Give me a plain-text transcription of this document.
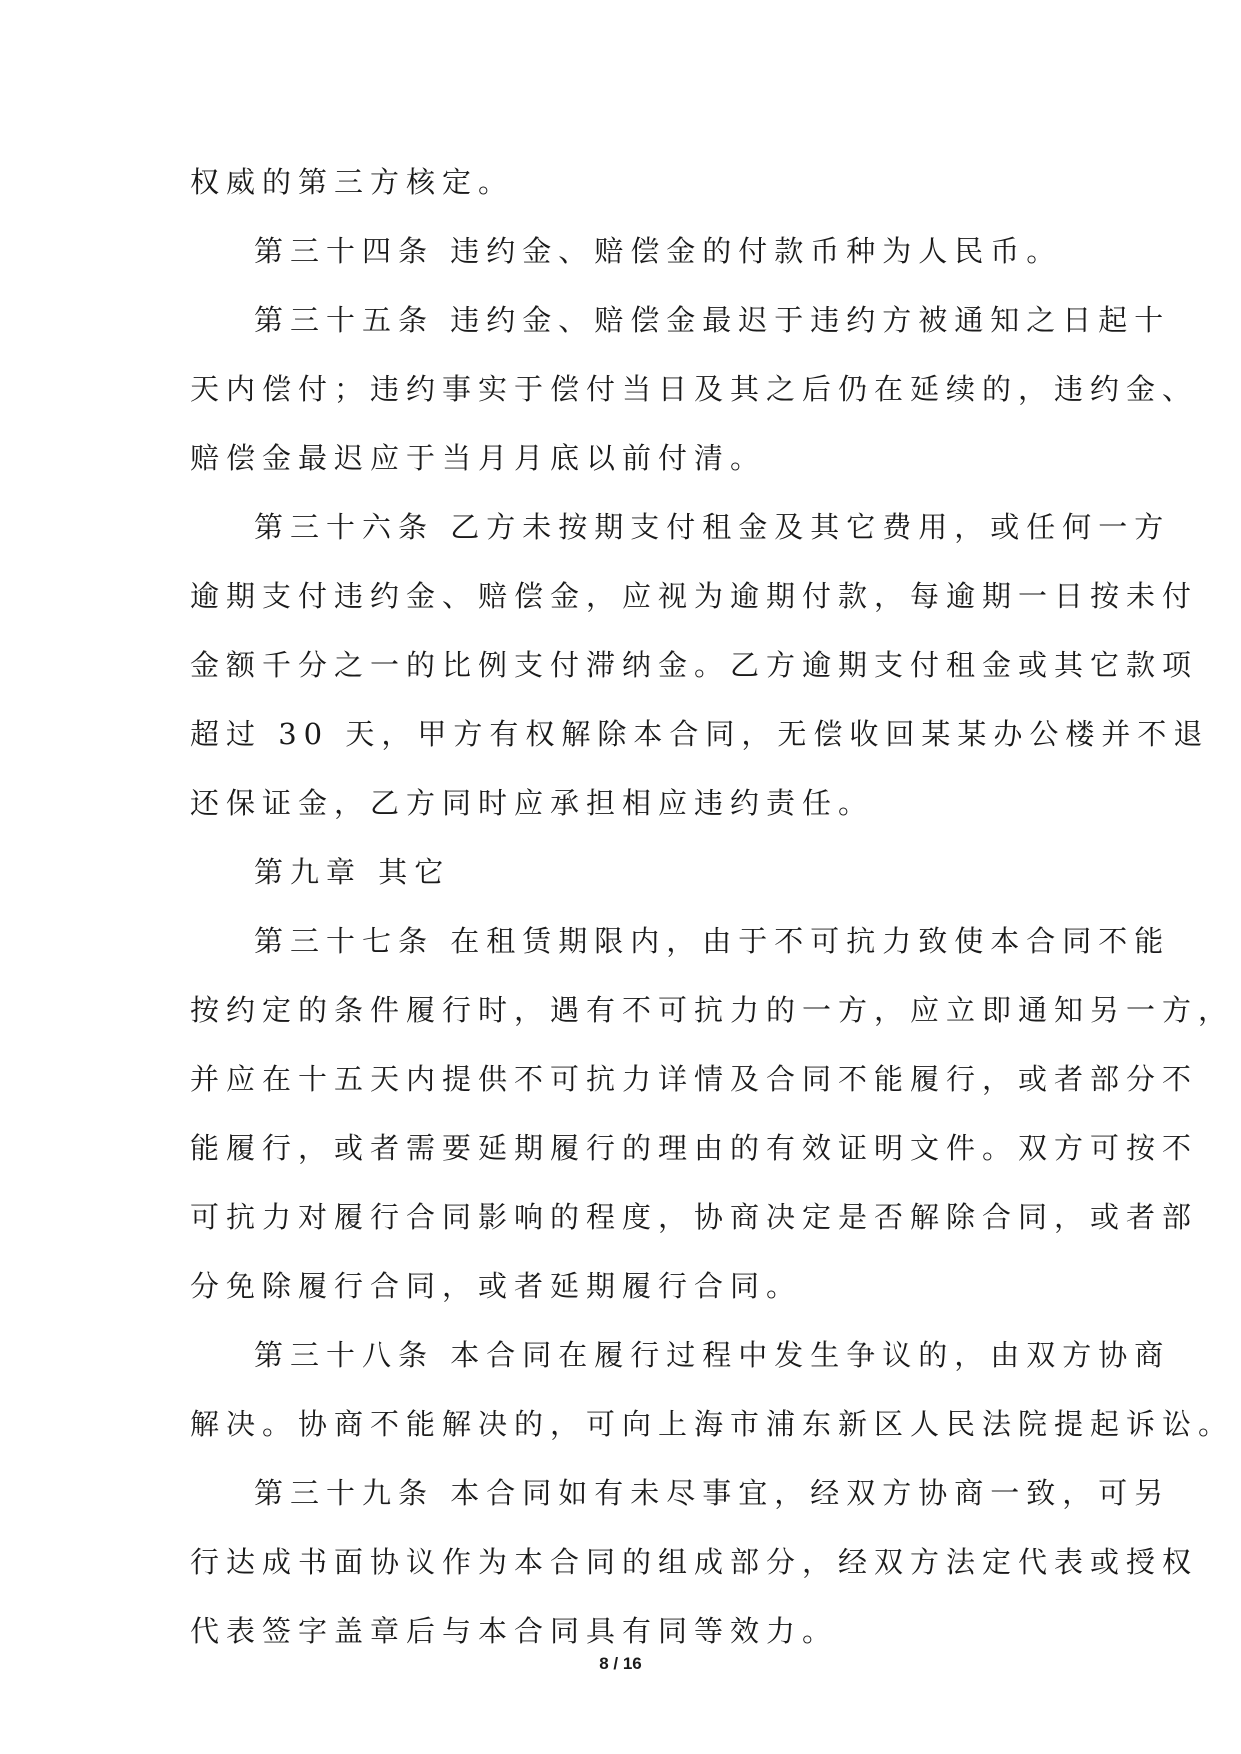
权威的第三方核定。
第三十四条 违约金、赔偿金的付款币种为人民币。
第三十五条 违约金、赔偿金最迟于违约方被通知之日起十
天内偿付；违约事实于偿付当日及其之后仍在延续的，违约金、
赔偿金最迟应于当月月底以前付清。
第三十六条 乙方未按期支付租金及其它费用，或任何一方
逾期支付违约金、赔偿金，应视为逾期付款，每逾期一日按未付
金额千分之一的比例支付滞纳金。乙方逾期支付租金或其它款项
超过 30 天，甲方有权解除本合同，无偿收回某某办公楼并不退
还保证金，乙方同时应承担相应违约责任。
第九章 其它
第三十七条 在租赁期限内，由于不可抗力致使本合同不能
按约定的条件履行时，遇有不可抗力的一方，应立即通知另一方，
并应在十五天内提供不可抗力详情及合同不能履行，或者部分不
能履行，或者需要延期履行的理由的有效证明文件。双方可按不
可抗力对履行合同影响的程度，协商决定是否解除合同，或者部
分免除履行合同，或者延期履行合同。
第三十八条 本合同在履行过程中发生争议的，由双方协商
解决。协商不能解决的，可向上海市浦东新区人民法院提起诉讼。
第三十九条 本合同如有未尽事宜，经双方协商一致，可另
行达成书面协议作为本合同的组成部分，经双方法定代表或授权
代表签字盖章后与本合同具有同等效力。
8 / 16
